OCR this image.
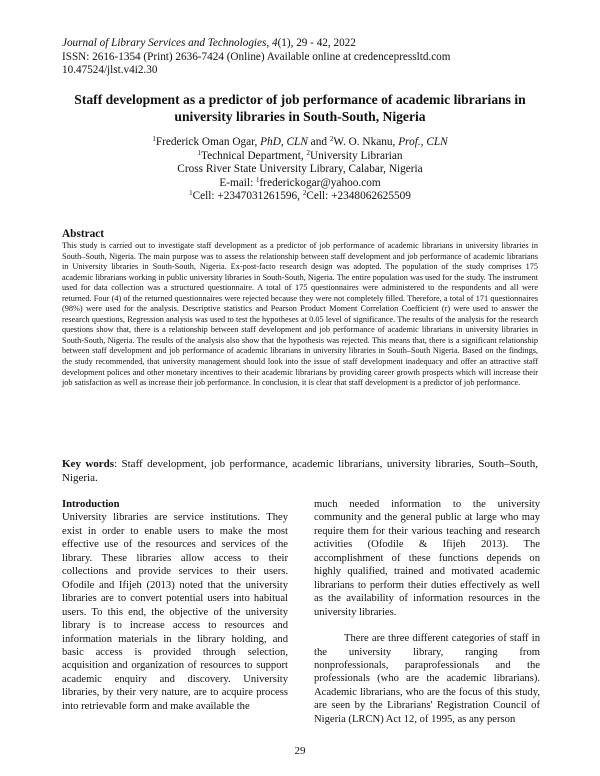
Journal of Library Services and Technologies, 4(1), 29 - 42, 2022
ISSN: 2616-1354 (Print) 2636-7424 (Online) Available online at credencepressltd.com
10.47524/jlst.v4i2.30
Staff development as a predictor of job performance of academic librarians in university libraries in South-South, Nigeria
$^1$Frederick Oman Ogar, PhD, CLN and $^2$W. O. Nkanu, Prof., CLN
$^1$Technical Department, $^2$University Librarian
Cross River State University Library, Calabar, Nigeria
E-mail: $^1$frederickogar@yahoo.com
$^1$Cell: +2347031261596, $^2$Cell: +2348062625509
Abstract
This study is carried out to investigate staff development as a predictor of job performance of academic librarians in university libraries in South–South, Nigeria. The main purpose was to assess the relationship between staff development and job performance of academic librarians in University libraries in South-South, Nigeria. Ex-post-facto research design was adopted. The population of the study comprises 175 academic librarians working in public university libraries in South-South, Nigeria. The entire population was used for the study. The instrument used for data collection was a structured questionnaire. A total of 175 questionnaires were administered to the respondents and all were returned. Four (4) of the returned questionnaires were rejected because they were not completely filled. Therefore, a total of 171 questionnaires (98%) were used for the analysis. Descriptive statistics and Pearson Product Moment Correlation Coefficient (r) were used to answer the research questions, Regression analysis was used to test the hypotheses at 0.05 level of significance. The results of the analysis for the research questions show that, there is a relationship between staff development and job performance of academic librarians in university libraries in South-South, Nigeria. The results of the analysis also show that the hypothesis was rejected. This means that, there is a significant relationship between staff development and job performance of academic librarians in university libraries in South–South Nigeria. Based on the findings, the study recommended, that university management should look into the issue of staff development inadequacy and offer an attractive staff development polices and other monetary incentives to their academic librarians by providing career growth prospects which will increase their job satisfaction as well as increase their job performance. In conclusion, it is clear that staff development is a predictor of job performance.
Key words: Staff development, job performance, academic librarians, university libraries, South–South, Nigeria.
Introduction
University libraries are service institutions. They exist in order to enable users to make the most effective use of the resources and services of the library. These libraries allow access to their collections and provide services to their users. Ofodile and Ifijeh (2013) noted that the university libraries are to convert potential users into habitual users. To this end, the objective of the university library is to increase access to resources and information materials in the library holding, and basic access is provided through selection, acquisition and organization of resources to support academic enquiry and discovery. University libraries, by their very nature, are to acquire process into retrievable form and make available the
much needed information to the university community and the general public at large who may require them for their various teaching and research activities (Ofodile & Ifijeh 2013). The accomplishment of these functions depends on highly qualified, trained and motivated academic librarians to perform their duties effectively as well as the availability of information resources in the university libraries.
There are three different categories of staff in the university library, ranging from nonprofessionals, paraprofessionals and the professionals (who are the academic librarians). Academic librarians, who are the focus of this study, are seen by the Librarians' Registration Council of Nigeria (LRCN) Act 12, of 1995, as any person
29
